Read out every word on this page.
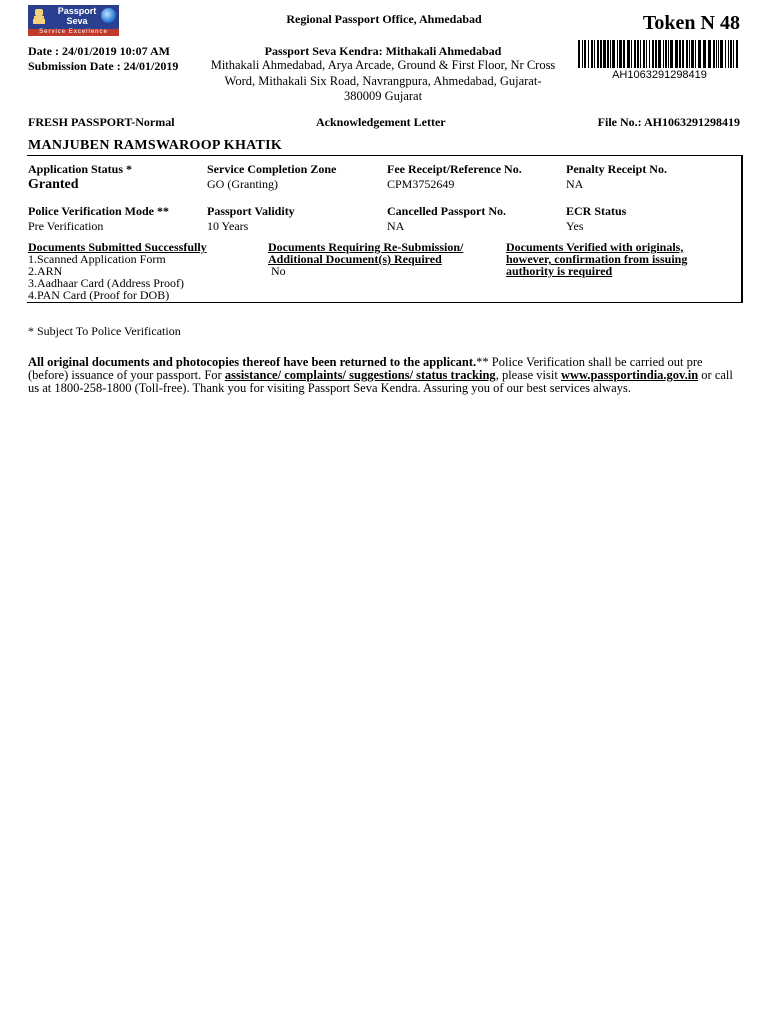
Passport Seva
Service Excellence
Regional Passport Office, Ahmedabad	Token N 48
AH1063291298419
Date : 24/01/2019 10:07 AM
Submission Date : 24/01/2019
Passport Seva Kendra: Mithakali Ahmedabad
Mithakali Ahmedabad, Arya Arcade, Ground & First Floor, Nr Cross Word, Mithakali Six Road, Navrangpura, Ahmedabad, Gujarat-380009 Gujarat
FRESH PASSPORT-Normal	Acknowledgement Letter	File No.: AH1063291298419
MANJUBEN RAMSWAROOP KHATIK
Application Status *
Granted
Service Completion Zone
GO (Granting)
Fee Receipt/Reference No.
CPM3752649
Penalty Receipt No.
NA
Police Verification Mode **
Pre Verification
Passport Validity
10 Years
Cancelled Passport No.
NA
ECR Status
Yes
Documents Submitted Successfully
1.Scanned Application Form
2.ARN
3.Aadhaar Card (Address Proof)
4.PAN Card (Proof for DOB)
Documents Requiring Re-Submission/
Additional Document(s) Required
No
Documents Verified with originals,
however, confirmation from issuing
authority is required
* Subject To Police Verification
All original documents and photocopies thereof have been returned to the applicant.** Police Verification shall be carried out pre (before) issuance of your passport. For assistance/ complaints/ suggestions/ status tracking, please visit www.passportindia.gov.in or call us at 1800-258-1800 (Toll-free). Thank you for visiting Passport Seva Kendra. Assuring you of our best services always.
